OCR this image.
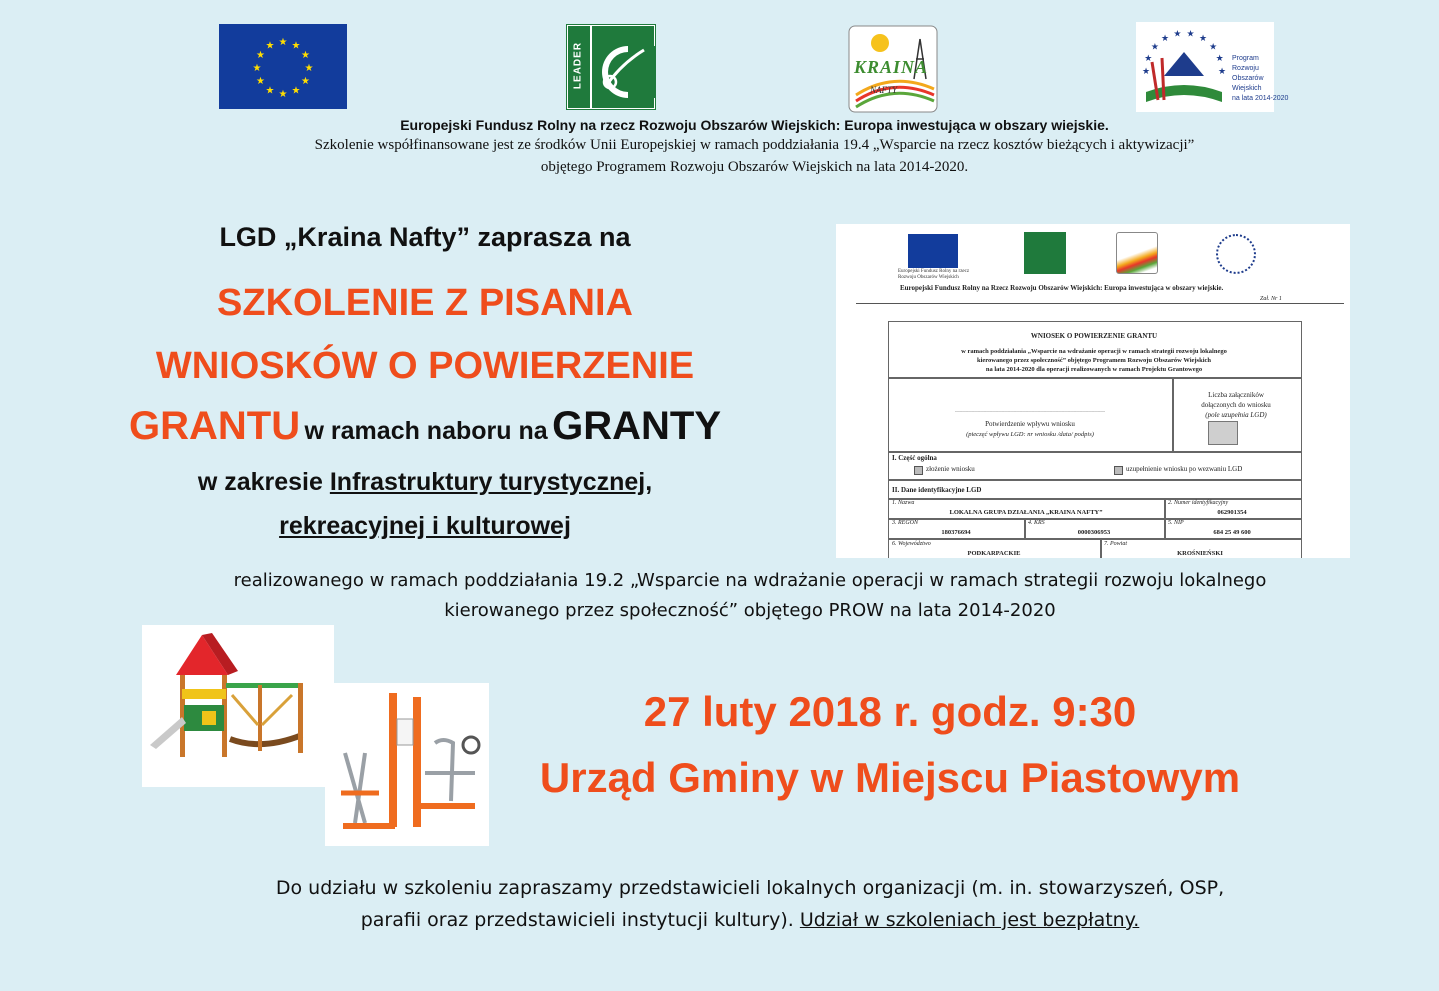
★
★
★
★
★
★
★
★
★ ★ ★
★	LEADER	KRAINA
NAFTY
★
★
★
★ ★ ★ ★
★
★
★
Program
Rozwoju
Obszarów
Wiejskich
na lata 2014-2020
Europejski Fundusz Rolny na rzecz Rozwoju Obszarów Wiejskich: Europa inwestująca w obszary wiejskie.
Szkolenie współfinansowane jest ze środków Unii Europejskiej w ramach poddziałania 19.4 „Wsparcie na rzecz kosztów bieżących i aktywizacji”
objętego Programem Rozwoju Obszarów Wiejskich na lata 2014-2020.
LGD „Kraina Nafty” zaprasza na
SZKOLENIE Z PISANIA
WNIOSKÓW O POWIERZENIE
GRANTU w ramach naboru na GRANTY
w zakresie Infrastruktury turystycznej,
rekreacyjnej i kulturowej
Europejski Fundusz Rolny na rzecz Rozwoju Obszarów Wiejskich
Europejski Fundusz Rolny na Rzecz Rozwoju Obszarów Wiejskich: Europa inwestująca w obszary wiejskie.
Zał. Nr 1
WNIOSEK O POWIERZENIE GRANTU
w ramach poddziałania „Wsparcie na wdrażanie operacji w ramach strategii rozwoju lokalnego
kierowanego przez społeczność” objętego Programem Rozwoju Obszarów Wiejskich
na lata 2014-2020 dla operacji realizowanych w ramach Projektu Grantowego
…………………………………………………………………
Potwierdzenie wpływu wniosku
(pieczęć wpływu LGD: nr wniosku /data/ podpis)
Liczba załączników
dołączonych do wniosku
(pole uzupełnia LGD)
I. Część ogólna
złożenie wniosku	uzupełnienie wniosku po wezwaniu LGD
II. Dane identyfikacyjne LGD
1. Nazwa
LOKALNA GRUPA DZIAŁANIA „KRAINA NAFTY”
2. Numer identyfikacyjny
062901354
3. REGON
180376694
4. KRS
0000306953
5. NIP
684 25 49 600
6. Województwo
PODKARPACKIE
7. Powiat
KROŚNIEŃSKI
realizowanego w ramach poddziałania 19.2 „Wsparcie na wdrażanie operacji w ramach strategii rozwoju lokalnego
kierowanego przez społeczność” objętego PROW na lata 2014-2020
27 luty 2018 r. godz. 9:30
Urząd Gminy w Miejscu Piastowym
Do udziału w szkoleniu zapraszamy przedstawicieli lokalnych organizacji (m. in. stowarzyszeń, OSP,
parafii oraz przedstawicieli instytucji kultury). Udział w szkoleniach jest bezpłatny.
